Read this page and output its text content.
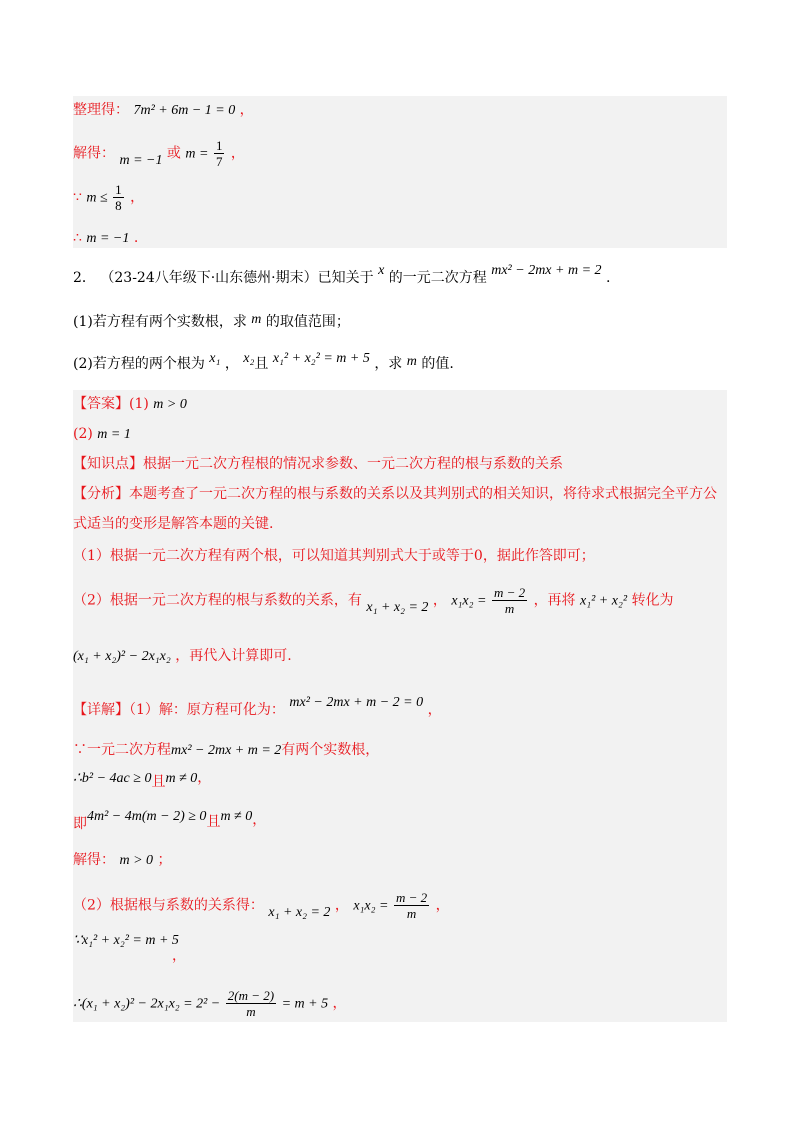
整理得： 7m² + 6m − 1 = 0 ，
解得： m = −1 或 $m = \frac{1}{7}$ ，
∵ $m \le \frac{1}{8}$ ，
∴ m = −1 .
2． （23-24八年级下·山东德州·期末）已知关于 x 的一元二次方程 mx² − 2mx + m = 2 .
(1)若方程有两个实数根，求 m 的取值范围；
(2)若方程的两个根为 x₁ ， x₂且 x₁² + x₂² = m + 5 ，求 m 的值.
【答案】(1) m > 0
(2) m = 1
【知识点】根据一元二次方程根的情况求参数、一元二次方程的根与系数的关系
【分析】本题考查了一元二次方程的根与系数的关系以及其判别式的相关知识，将待求式根据完全平方公
式适当的变形是解答本题的关键.
（1）根据一元二次方程有两个根，可以知道其判别式大于或等于0，据此作答即可；
（2）根据一元二次方程的根与系数的关系，有 x₁ + x₂ = 2 ， $x_1x_2 = \frac{m - 2}{m}$ ，再将 x₁² + x₂² 转化为
(x₁ + x₂)² − 2x₁x₂ ，再代入计算即可.
【详解】（1）解：原方程可化为： mx² − 2mx + m − 2 = 0 ，
∵一元二次方程mx² − 2mx + m = 2有两个实数根，
∴b² − 4ac ≥ 0且m ≠ 0，
即4m² − 4m(m − 2) ≥ 0且m ≠ 0，
解得： m > 0 ；
（2）根据根与系数的关系得： x₁ + x₂ = 2 ， $x_1x_2 = \frac{m - 2}{m}$ ，
∵x₁² + x₂² = m + 5
，
∴(x₁ + $x_2)^2 - 2x_1x_2 = 2^2 - \frac{2(m - 2)}{m} = m + 5$ ，
